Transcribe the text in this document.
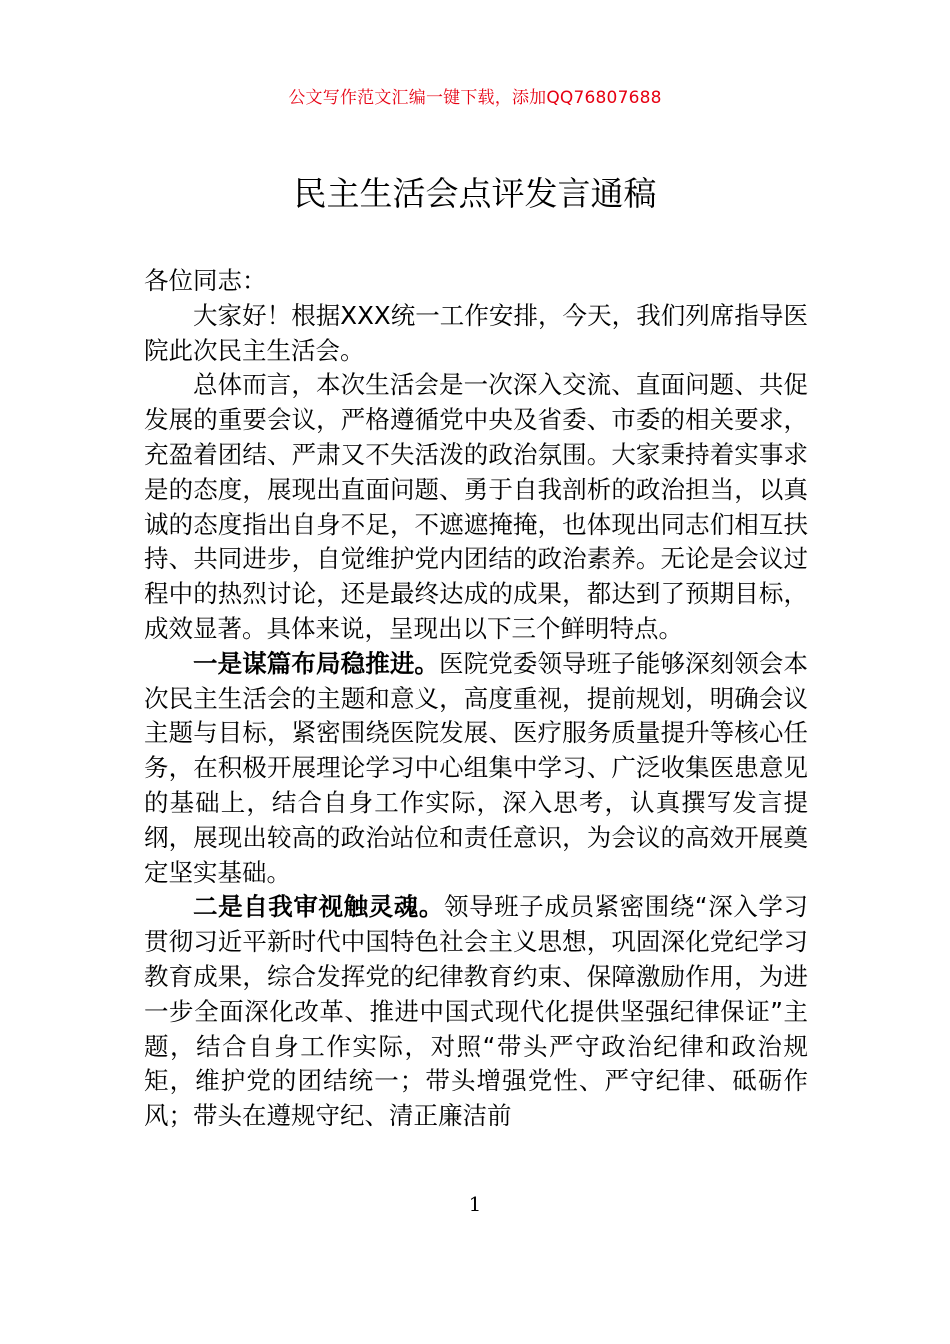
公文写作范文汇编一键下载，添加QQ76807688
民主生活会点评发言通稿

各位同志：

大家好！根据XXX统一工作安排，今天，我们列席指导医院此次民主生活会。

总体而言，本次生活会是一次深入交流、直面问题、共促发展的重要会议，严格遵循党中央及省委、市委的相关要求，充盈着团结、严肃又不失活泼的政治氛围。大家秉持着实事求是的态度，展现出直面问题、勇于自我剖析的政治担当，以真诚的态度指出自身不足，不遮遮掩掩，也体现出同志们相互扶持、共同进步，自觉维护党内团结的政治素养。无论是会议过程中的热烈讨论，还是最终达成的成果，都达到了预期目标，成效显著。具体来说，呈现出以下三个鲜明特点。

一是谋篇布局稳推进。医院党委领导班子能够深刻领会本次民主生活会的主题和意义，高度重视，提前规划，明确会议主题与目标，紧密围绕医院发展、医疗服务质量提升等核心任务，在积极开展理论学习中心组集中学习、广泛收集医患意见的基础上，结合自身工作实际，深入思考，认真撰写发言提纲，展现出较高的政治站位和责任意识，为会议的高效开展奠定坚实基础。

二是自我审视触灵魂。领导班子成员紧密围绕“深入学习贯彻习近平新时代中国特色社会主义思想，巩固深化党纪学习教育成果，综合发挥党的纪律教育约束、保障激励作用，为进一步全面深化改革、推进中国式现代化提供坚强纪律保证”主题，结合自身工作实际，对照“带头严守政治纪律和政治规矩，维护党的团结统一；带头增强党性、严守纪律、砥砺作风；带头在遵规守纪、清正廉洁前

1
